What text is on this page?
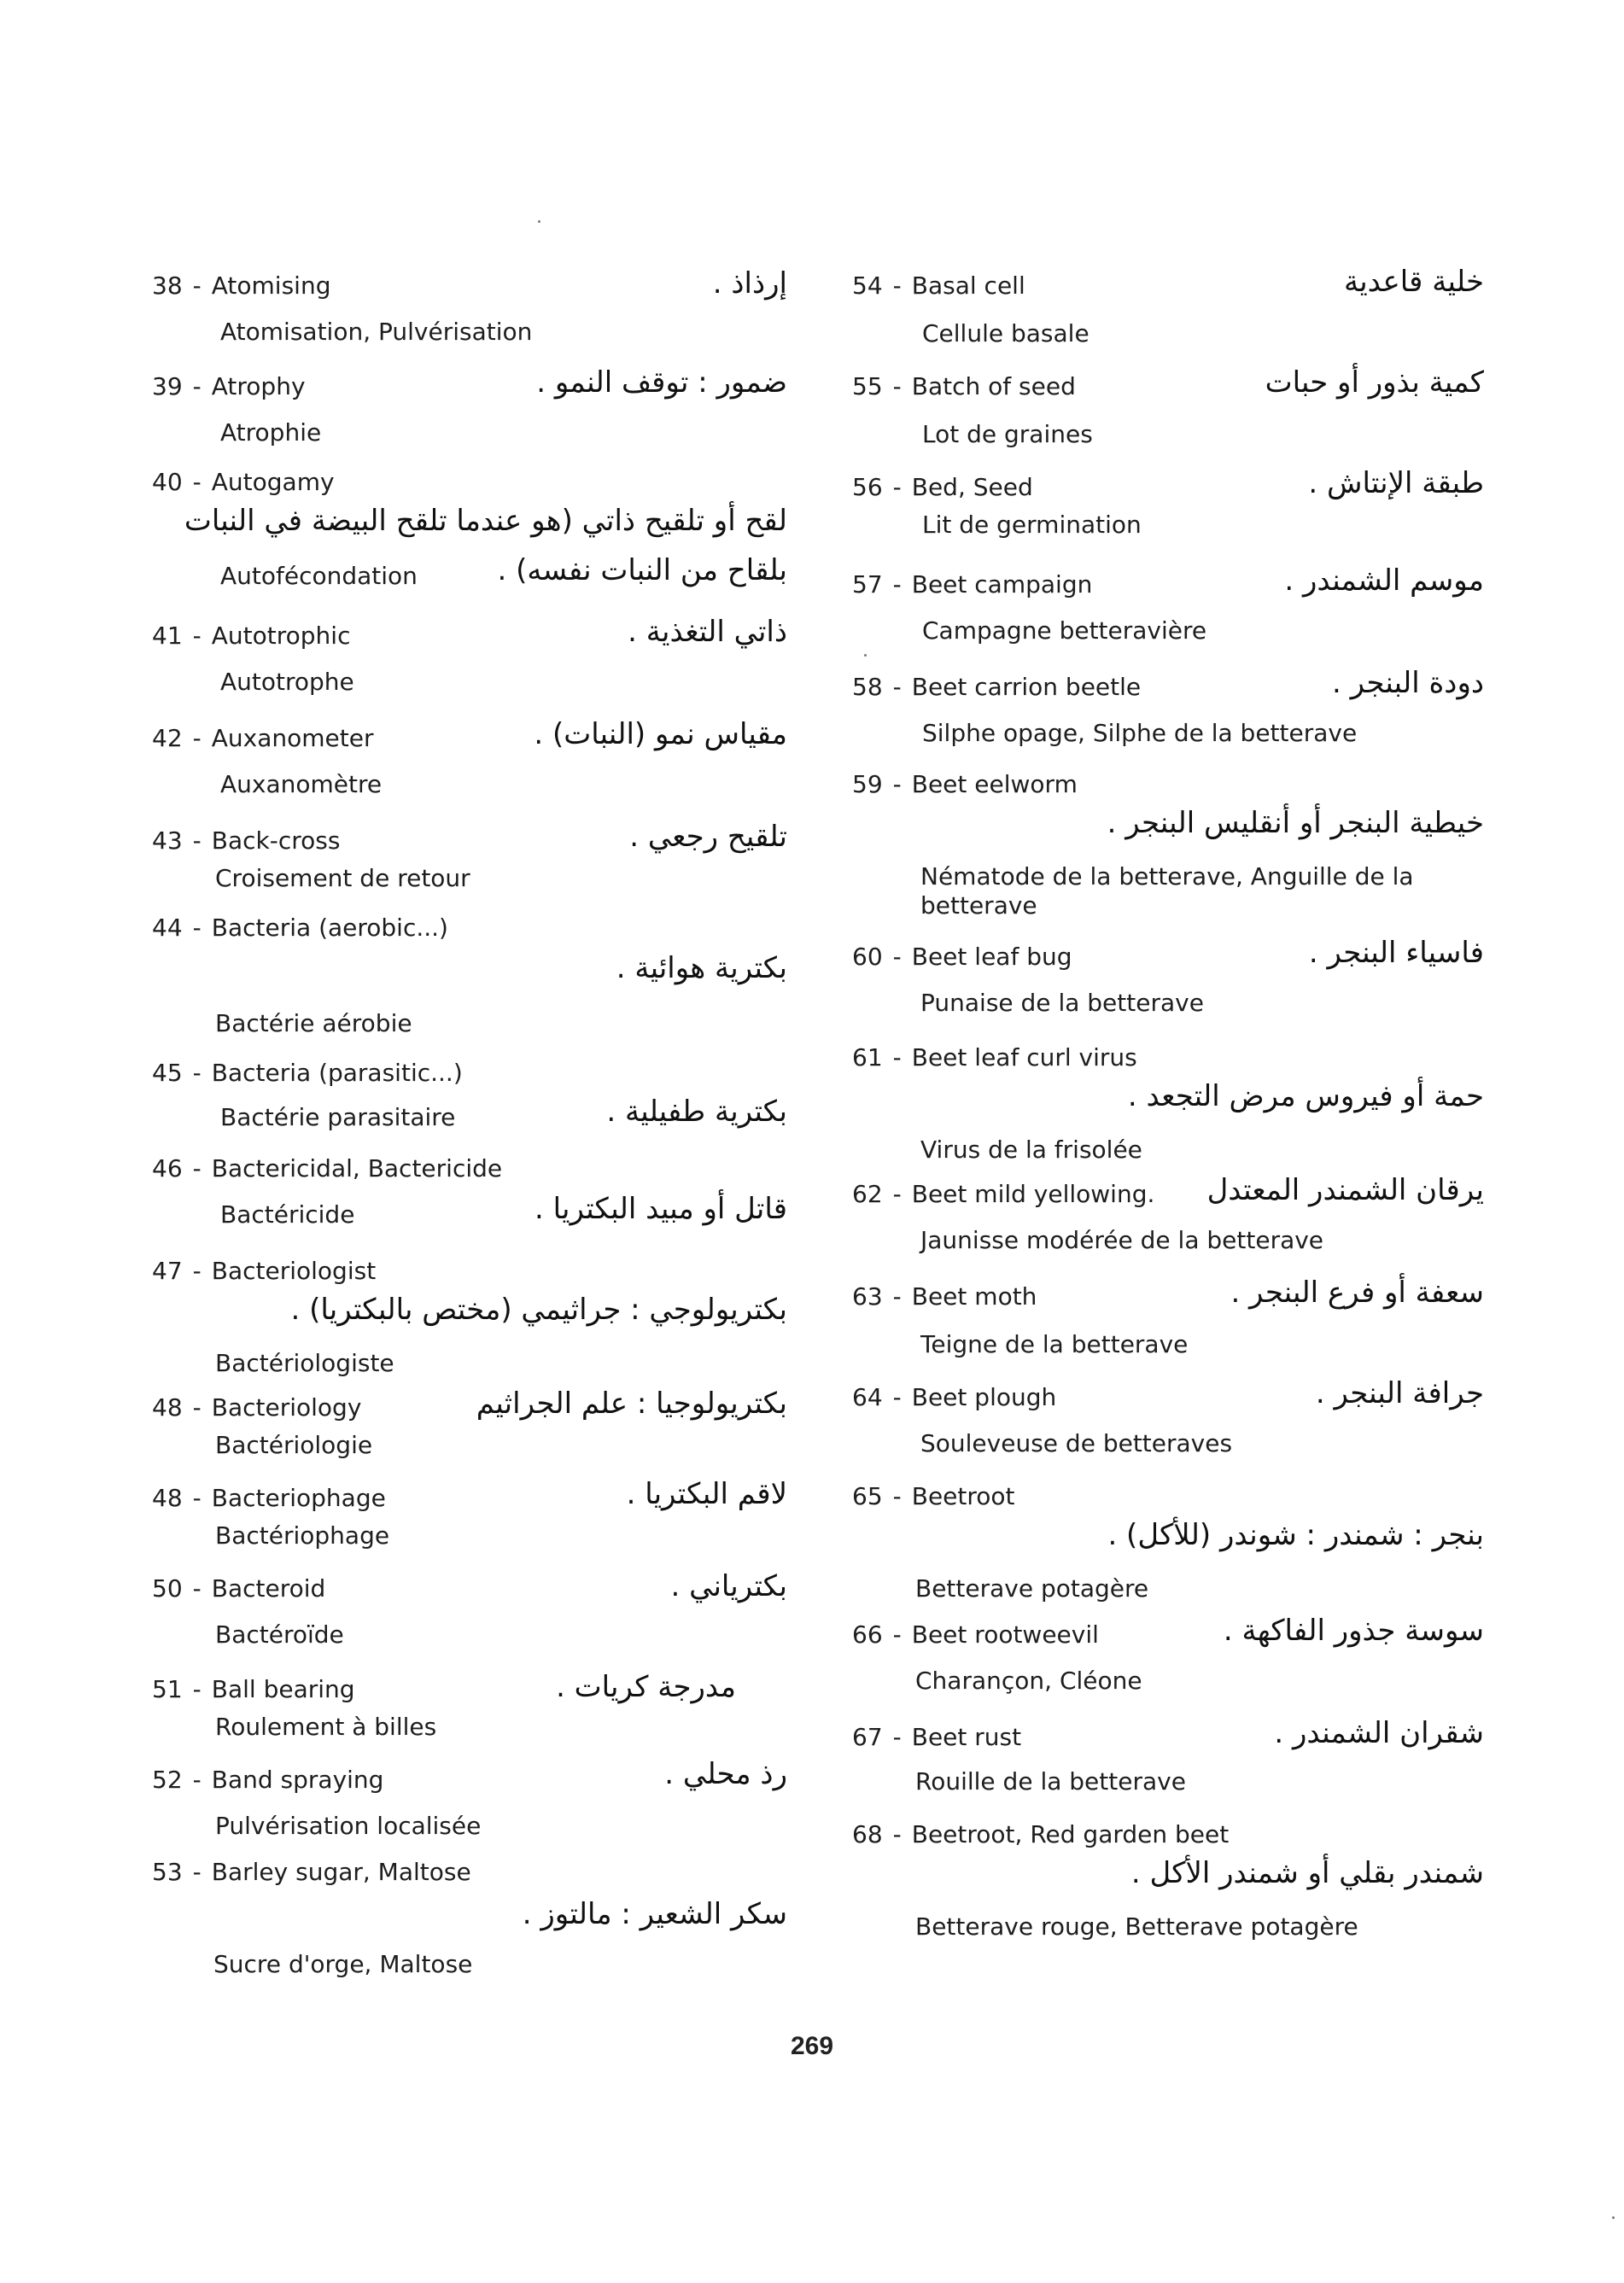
38 - Atomising	إرذاذ .
Atomisation, Pulvérisation
39 - Atrophy	ضمور : توقف النمو .
Atrophie
40 - Autogamy
لقح أو تلقيح ذاتي (هو عندما تلقح البيضة في النبات
بلقاح من النبات نفسه) .
Autofécondation
41 - Autotrophic	ذاتي التغذية .
Autotrophe
42 - Auxanometer	مقياس نمو (النبات) .
Auxanomètre
43 - Back-cross	تلقيح رجعي .
Croisement de retour
44 - Bacteria (aerobic...)
بكترية هوائية .
Bactérie aérobie
45 - Bacteria (parasitic...)
بكترية طفيلية .
Bactérie parasitaire
46 - Bactericidal, Bactericide
قاتل أو مبيد البكتريا .
Bactéricide
47 - Bacteriologist
بكتريولوجي : جراثيمي (مختص بالبكتريا) .
Bactériologiste
48 - Bacteriology	بكتريولوجيا : علم الجراثيم
Bactériologie
48 - Bacteriophage	لاقم البكتريا .
Bactériophage
50 - Bacteroid	بكترياني .
Bactéroïde
51 - Ball bearing	مدرجة كريات .
Roulement à billes
52 - Band spraying	رذ محلي .
Pulvérisation localisée
53 - Barley sugar, Maltose
سكر الشعير : مالتوز .
Sucre d'orge, Maltose
54 - Basal cell	خلية قاعدية
Cellule basale
55 - Batch of seed	كمية بذور أو حبات
Lot de graines
56 - Bed, Seed	طبقة الإنتاش .
Lit de germination
57 - Beet campaign	موسم الشمندر .
Campagne betteravière
58 - Beet carrion beetle	دودة البنجر .
Silphe opage, Silphe de la betterave
59 - Beet eelworm
خيطية البنجر أو أنقليس البنجر .
Nématode de la betterave, Anguille de la
betterave
60 - Beet leaf bug	فاسياء البنجر .
Punaise de la betterave
61 - Beet leaf curl virus
حمة أو فيروس مرض التجعد .
Virus de la frisolée
62 - Beet mild yellowing. يرقان الشمندر المعتدل
Jaunisse modérée de la betterave
63 - Beet moth	سعفة أو فرع البنجر .
Teigne de la betterave
64 - Beet plough	جرافة البنجر .
Souleveuse de betteraves
65 - Beetroot
بنجر : شمندر : شوندر (للأكل) .
Betterave potagère
66 - Beet rootweevil	سوسة جذور الفاكهة .
Charançon, Cléone
67 - Beet rust	شقران الشمندر .
Rouille de la betterave
68 - Beetroot, Red garden beet
شمندر بقلي أو شمندر الأكل .
Betterave rouge, Betterave potagère
269
